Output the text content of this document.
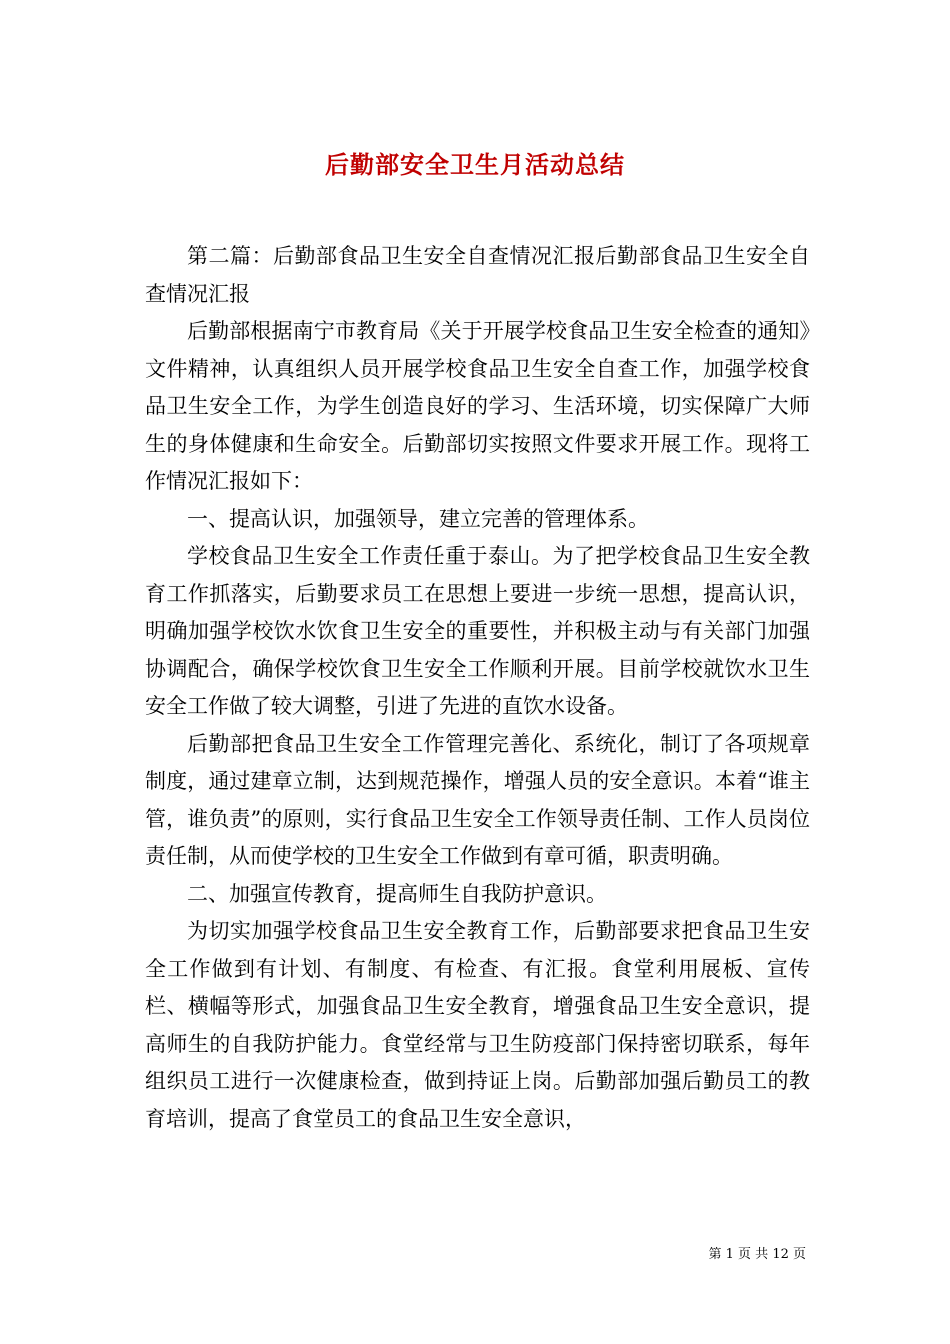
后勤部安全卫生月活动总结

第二篇：后勤部食品卫生安全自查情况汇报后勤部食品卫生安全自查情况汇报

后勤部根据南宁市教育局《关于开展学校食品卫生安全检查的通知》文件精神，认真组织人员开展学校食品卫生安全自查工作，加强学校食品卫生安全工作，为学生创造良好的学习、生活环境，切实保障广大师生的身体健康和生命安全。后勤部切实按照文件要求开展工作。现将工作情况汇报如下：

一、提高认识，加强领导，建立完善的管理体系。

学校食品卫生安全工作责任重于泰山。为了把学校食品卫生安全教育工作抓落实，后勤要求员工在思想上要进一步统一思想，提高认识，明确加强学校饮水饮食卫生安全的重要性，并积极主动与有关部门加强协调配合，确保学校饮食卫生安全工作顺利开展。目前学校就饮水卫生安全工作做了较大调整，引进了先进的直饮水设备。

后勤部把食品卫生安全工作管理完善化、系统化，制订了各项规章制度，通过建章立制，达到规范操作，增强人员的安全意识。本着“谁主管，谁负责”的原则，实行食品卫生安全工作领导责任制、工作人员岗位责任制，从而使学校的卫生安全工作做到有章可循，职责明确。

二、加强宣传教育，提高师生自我防护意识。

为切实加强学校食品卫生安全教育工作，后勤部要求把食品卫生安全工作做到有计划、有制度、有检查、有汇报。食堂利用展板、宣传栏、横幅等形式，加强食品卫生安全教育，增强食品卫生安全意识，提高师生的自我防护能力。食堂经常与卫生防疫部门保持密切联系，每年组织员工进行一次健康检查，做到持证上岗。后勤部加强后勤员工的教育培训，提高了食堂员工的食品卫生安全意识，

第 1 页 共 12 页
